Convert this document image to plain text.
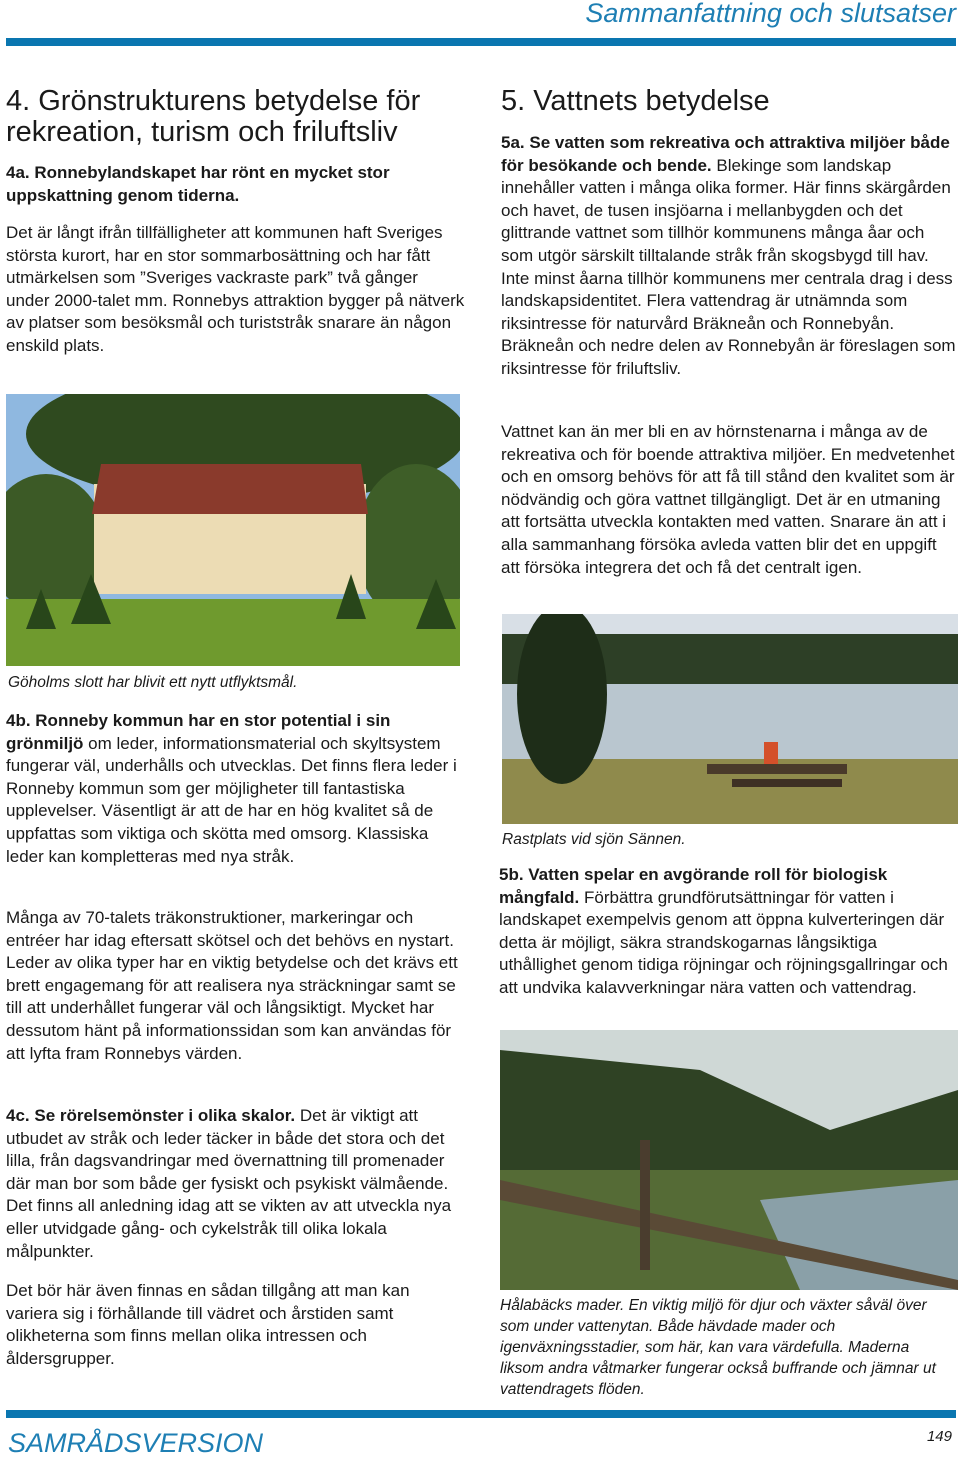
Sammanfattning och slutsatser
4. Grönstrukturens betydelse för rekreation, turism och friluftsliv

4a. Ronnebylandskapet har rönt en mycket stor uppskattning genom tiderna.

Det är långt ifrån tillfälligheter att kommunen haft Sveriges största kurort, har en stor sommarbosättning och har fått utmärkelsen som ”Sveriges vackraste park” två gånger under 2000-talet mm. Ronnebys attraktion bygger på nätverk av platser som besöksmål och turiststråk snarare än någon enskild plats.

Göholms slott har blivit ett nytt utflyktsmål.

4b. Ronneby kommun har en stor potential i sin grönmiljö om leder, informationsmaterial och skyltsystem fungerar väl, underhålls och utvecklas. Det finns flera leder i Ronneby kommun som ger möjligheter till fantastiska upplevelser. Väsentligt är att de har en hög kvalitet så de uppfattas som viktiga och skötta med omsorg. Klassiska leder kan kompletteras med nya stråk.

Många av 70-talets träkonstruktioner, markeringar och entréer har idag eftersatt skötsel och det behövs en nystart. Leder av olika typer har en viktig betydelse och det krävs ett brett engagemang för att realisera nya sträckningar samt se till att underhållet fungerar väl och långsiktigt. Mycket har dessutom hänt på informationssidan som kan användas för att lyfta fram Ronnebys värden.

4c. Se rörelsemönster i olika skalor. Det är viktigt att utbudet av stråk och leder täcker in både det stora och det lilla, från dagsvandringar med övernattning till promenader där man bor som både ger fysiskt och psykiskt välmående. Det finns all anledning idag att se vikten av att utveckla nya eller utvidgade gång- och cykelstråk till olika lokala målpunkter.

Det bör här även finnas en sådan tillgång att man kan variera sig i förhållande till vädret och årstiden samt olikheterna som finns mellan olika intressen och åldersgrupper.

5. Vattnets betydelse

5a. Se vatten som rekreativa och attraktiva miljöer både för besökande och bende. Blekinge som landskap innehåller vatten i många olika former. Här finns skärgården och havet, de tusen insjöarna i mellanbygden och det glittrande vattnet som tillhör kommunens många åar och som utgör särskilt tilltalande stråk från skogsbygd till hav. Inte minst åarna tillhör kommunens mer centrala drag i dess landskapsidentitet. Flera vattendrag är utnämnda som riksintresse för naturvård Bräkneån och Ronnebyån. Bräkneån och nedre delen av Ronnebyån är föreslagen som riksintresse för friluftsliv.

Vattnet kan än mer bli en av hörnstenarna i många av de rekreativa och för boende attraktiva miljöer. En medvetenhet och en omsorg behövs för att få till stånd den kvalitet som är nödvändig och göra vattnet tillgängligt. Det är en utmaning att fortsätta utveckla kontakten med vatten. Snarare än att i alla sammanhang försöka avleda vatten blir det en uppgift att försöka integrera det och få det centralt igen.

Rastplats vid sjön Sännen.

5b. Vatten spelar en avgörande roll för biologisk mångfald. Förbättra grundförutsättningar för vatten i landskapet exempelvis genom att öppna kulverteringen där detta är möjligt, säkra strandskogarnas långsiktiga uthållighet genom tidiga röjningar och röjningsgallringar och att undvika kalavverkningar nära vatten och vattendrag.

Hålabäcks mader. En viktig miljö för djur och växter såväl över som under vattenytan. Både hävdade mader och igenväxningsstadier, som här, kan vara värdefulla. Maderna liksom andra våtmarker fungerar också buffrande och jämnar ut vattendragets flöden.
SAMRÅDSVERSION	149
